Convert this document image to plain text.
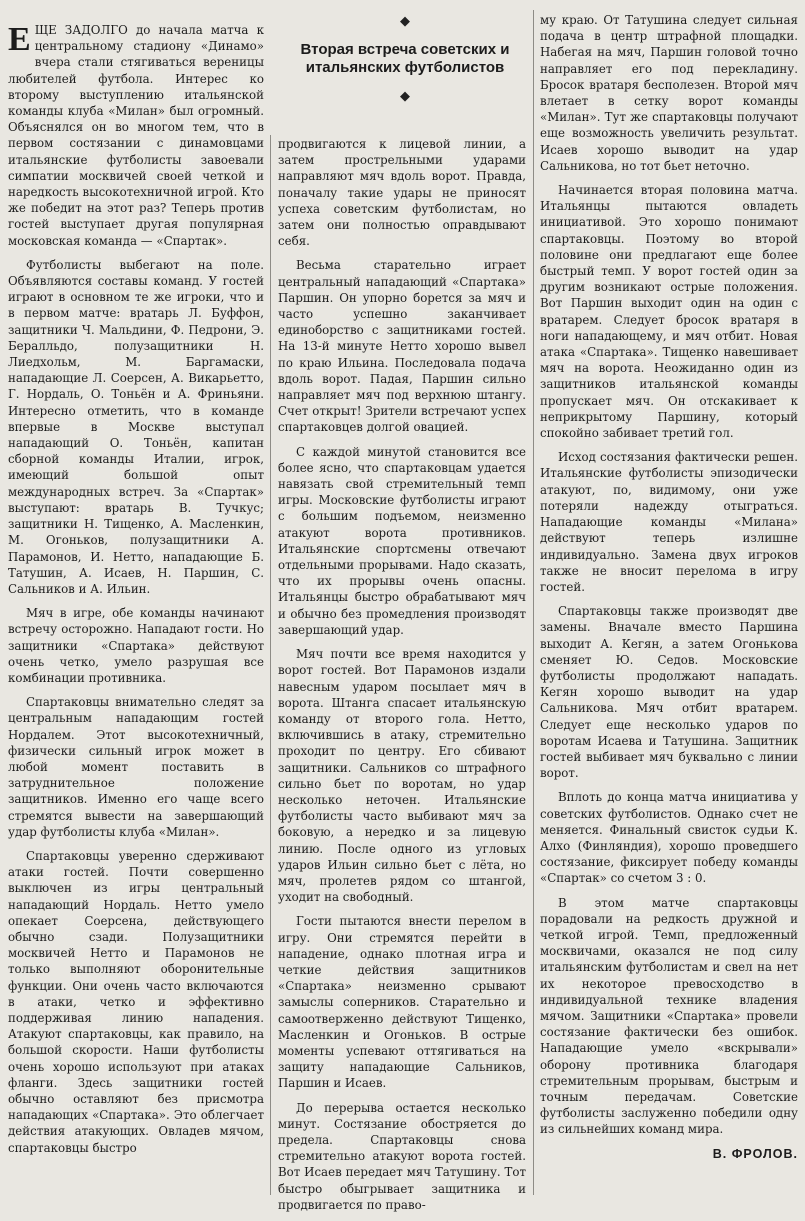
ЕЩЕ ЗАДОЛГО до начала матча к центральному стадиону «Динамо» вчера стали стягиваться вереницы любителей футбола. Интерес ко второму выступлению итальянской команды клуба «Милан» был огромный. Объяснялся он во многом тем, что в первом состязании с динамовцами итальянские футболисты завоевали симпатии москвичей своей четкой и наредкость высокотехничной игрой. Кто же победит на этот раз? Теперь против гостей выступает другая популярная московская команда — «Спартак».

Футболисты выбегают на поле. Объявляются составы команд. У гостей играют в основном те же игроки, что и в первом матче: вратарь Л. Буффон, защитники Ч. Мальдини, Ф. Педрони, Э. Бералльдо, полузащитники Н. Лиедхольм, М. Баргамаски, нападающие Л. Соерсен, А. Викарьетто, Г. Нордаль, О. Тоньён и А. Фриньяни. Интересно отметить, что в команде впервые в Москве выступал нападающий О. Тоньён, капитан сборной команды Италии, игрок, имеющий большой опыт международных встреч. За «Спартак» выступают: вратарь В. Тучкус; защитники Н. Тищенко, А. Масленкин, М. Огоньков, полузащитники А. Парамонов, И. Нетто, нападающие Б. Татушин, А. Исаев, Н. Паршин, С. Сальников и А. Ильин.

Мяч в игре, обе команды начинают встречу осторожно. Нападают гости. Но защитники «Спартака» действуют очень четко, умело разрушая все комбинации противника.

Спартаковцы внимательно следят за центральным нападающим гостей Нордалем. Этот высокотехничный, физически сильный игрок может в любой момент поставить в затруднительное положение защитников. Именно его чаще всего стремятся вывести на завершающий удар футболисты клуба «Милан».

Спартаковцы уверенно сдерживают атаки гостей. Почти совершенно выключен из игры центральный нападающий Нордаль. Нетто умело опекает Соерсена, действующего обычно сзади. Полузащитники москвичей Нетто и Парамонов не только выполняют оборонительные функции. Они очень часто включаются в атаки, четко и эффективно поддерживая линию нападения. Атакуют спартаковцы, как правило, на большой скорости. Наши футболисты очень хорошо используют при атаках фланги. Здесь защитники гостей обычно оставляют без присмотра нападающих «Спартака». Это облегчает действия атакующих. Овладев мячом, спартаковцы быстро

◆
Вторая встреча советских и итальянских футболистов
◆

продвигаются к лицевой линии, а затем прострельными ударами направляют мяч вдоль ворот. Правда, поначалу такие удары не приносят успеха советским футболистам, но затем они полностью оправдывают себя.

Весьма старательно играет центральный нападающий «Спартака» Паршин. Он упорно борется за мяч и часто успешно заканчивает единоборство с защитниками гостей. На 13-й минуте Нетто хорошо вывел по краю Ильина. Последовала подача вдоль ворот. Падая, Паршин сильно направляет мяч под верхнюю штангу. Счет открыт! Зрители встречают успех спартаковцев долгой овацией.

С каждой минутой становится все более ясно, что спартаковцам удается навязать свой стремительный темп игры. Московские футболисты играют с большим подъемом, неизменно атакуют ворота противников. Итальянские спортсмены отвечают отдельными прорывами. Надо сказать, что их прорывы очень опасны. Итальянцы быстро обрабатывают мяч и обычно без промедления производят завершающий удар.

Мяч почти все время находится у ворот гостей. Вот Парамонов издали навесным ударом посылает мяч в ворота. Штанга спасает итальянскую команду от второго гола. Нетто, включившись в атаку, стремительно проходит по центру. Его сбивают защитники. Сальников со штрафного сильно бьет по воротам, но удар несколько неточен. Итальянские футболисты часто выбивают мяч за боковую, а нередко и за лицевую линию. После одного из угловых ударов Ильин сильно бьет с лёта, но мяч, пролетев рядом со штангой, уходит на свободный.

Гости пытаются внести перелом в игру. Они стремятся перейти в нападение, однако плотная игра и четкие действия защитников «Спартака» неизменно срывают замыслы соперников. Старательно и самоотверженно действуют Тищенко, Масленкин и Огоньков. В острые моменты успевают оттягиваться на защиту нападающие Сальников, Паршин и Исаев.

До перерыва остается несколько минут. Состязание обостряется до предела. Спартаковцы снова стремительно атакуют ворота гостей. Вот Исаев передает мяч Татушину. Тот быстро обыгрывает защитника и продвигается по право-

му краю. От Татушина следует сильная подача в центр штрафной площадки. Набегая на мяч, Паршин головой точно направляет его под перекладину. Бросок вратаря бесполезен. Второй мяч влетает в сетку ворот команды «Милан». Тут же спартаковцы получают еще возможность увеличить результат. Исаев хорошо выводит на удар Сальникова, но тот бьет неточно.

Начинается вторая половина матча. Итальянцы пытаются овладеть инициативой. Это хорошо понимают спартаковцы. Поэтому во второй половине они предлагают еще более быстрый темп. У ворот гостей один за другим возникают острые положения. Вот Паршин выходит один на один с вратарем. Следует бросок вратаря в ноги нападающему, и мяч отбит. Новая атака «Спартака». Тищенко навешивает мяч на ворота. Неожиданно один из защитников итальянской команды пропускает мяч. Он отскакивает к неприкрытому Паршину, который спокойно забивает третий гол.

Исход состязания фактически решен. Итальянские футболисты эпизодически атакуют, по, видимому, они уже потеряли надежду отыграться. Нападающие команды «Милана» действуют теперь излишне индивидуально. Замена двух игроков также не вносит перелома в игру гостей.

Спартаковцы также производят две замены. Вначале вместо Паршина выходит А. Кегян, а затем Огонькова сменяет Ю. Седов. Московские футболисты продолжают нападать. Кегян хорошо выводит на удар Сальникова. Мяч отбит вратарем. Следует еще несколько ударов по воротам Исаева и Татушина. Защитник гостей выбивает мяч буквально с линии ворот.

Вплоть до конца матча инициатива у советских футболистов. Однако счет не меняется. Финальный свисток судьи К. Алхо (Финляндия), хорошо проведшего состязание, фиксирует победу команды «Спартак» со счетом 3 : 0.

В этом матче спартаковцы порадовали на редкость дружной и четкой игрой. Темп, предложенный москвичами, оказался не под силу итальянским футболистам и свел на нет их некоторое превосходство в индивидуальной технике владения мячом. Защитники «Спартака» провели состязание фактически без ошибок. Нападающие умело «вскрывали» оборону противника благодаря стремительным прорывам, быстрым и точным передачам. Советские футболисты заслуженно победили одну из сильнейших команд мира.

В. ФРОЛОВ.
